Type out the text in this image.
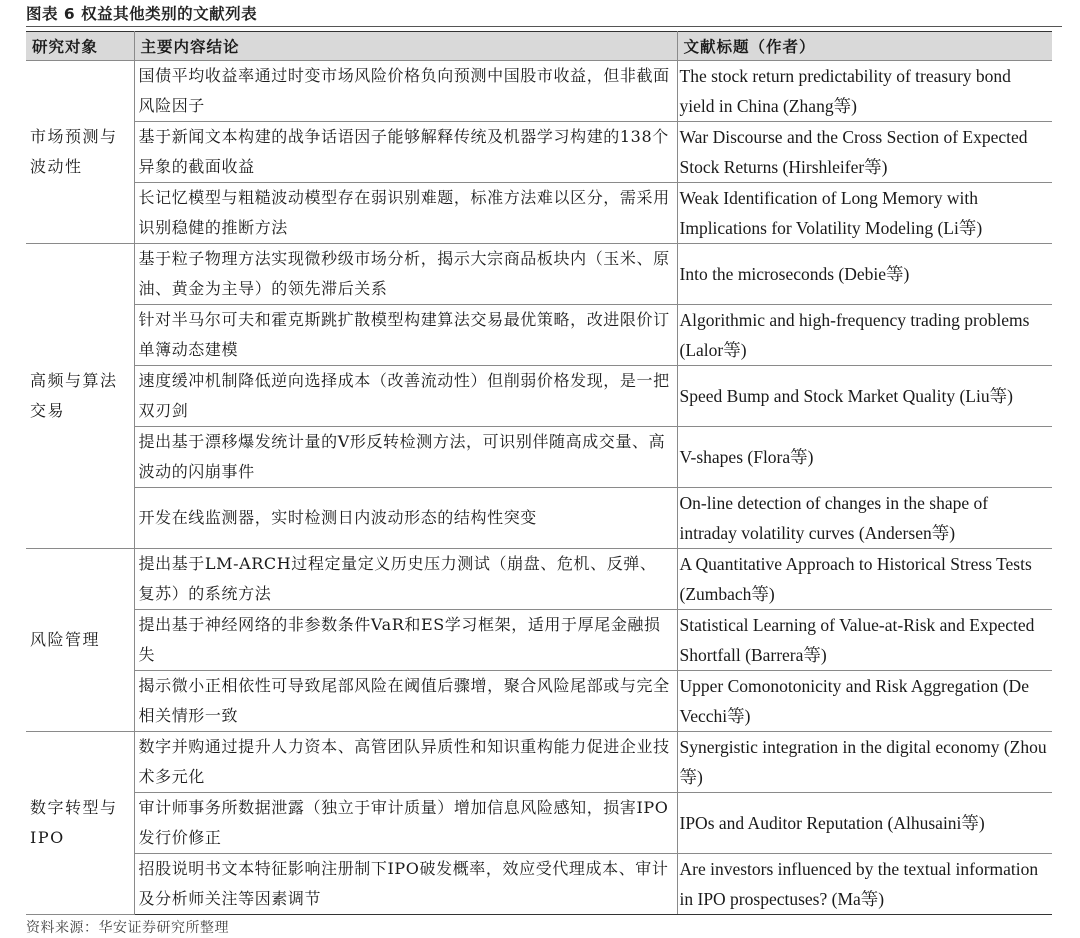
图表 6 权益其他类别的文献列表
研究对象	主要内容结论	文献标题（作者）
市场预测与波动性	国债平均收益率通过时变市场风险价格负向预测中国股市收益，但非截面风险因子	The stock return predictability of treasury bond yield in China (Zhang等)
	基于新闻文本构建的战争话语因子能够解释传统及机器学习构建的138个异象的截面收益	War Discourse and the Cross Section of Expected Stock Returns (Hirshleifer等)
	长记忆模型与粗糙波动模型存在弱识别难题，标准方法难以区分，需采用识别稳健的推断方法	Weak Identification of Long Memory with Implications for Volatility Modeling (Li等)
高频与算法交易	基于粒子物理方法实现微秒级市场分析，揭示大宗商品板块内（玉米、原油、黄金为主导）的领先滞后关系	Into the microseconds (Debie等)
	针对半马尔可夫和霍克斯跳扩散模型构建算法交易最优策略，改进限价订单簿动态建模	Algorithmic and high-frequency trading problems (Lalor等)
	速度缓冲机制降低逆向选择成本（改善流动性）但削弱价格发现，是一把双刃剑	Speed Bump and Stock Market Quality (Liu等)
	提出基于漂移爆发统计量的V形反转检测方法，可识别伴随高成交量、高波动的闪崩事件	V-shapes (Flora等)
	开发在线监测器，实时检测日内波动形态的结构性突变	On-line detection of changes in the shape of intraday volatility curves (Andersen等)
风险管理	提出基于LM-ARCH过程定量定义历史压力测试（崩盘、危机、反弹、复苏）的系统方法	A Quantitative Approach to Historical Stress Tests (Zumbach等)
	提出基于神经网络的非参数条件VaR和ES学习框架，适用于厚尾金融损失	Statistical Learning of Value-at-Risk and Expected Shortfall (Barrera等)
	揭示微小正相依性可导致尾部风险在阈值后骤增，聚合风险尾部或与完全相关情形一致	Upper Comonotonicity and Risk Aggregation (De Vecchi等)
数字转型与IPO	数字并购通过提升人力资本、高管团队异质性和知识重构能力促进企业技术多元化	Synergistic integration in the digital economy (Zhou等)
	审计师事务所数据泄露（独立于审计质量）增加信息风险感知，损害IPO发行价修正	IPOs and Auditor Reputation (Alhusaini等)
	招股说明书文本特征影响注册制下IPO破发概率，效应受代理成本、审计及分析师关注等因素调节	Are investors influenced by the textual information in IPO prospectuses? (Ma等)
资料来源：华安证券研究所整理
